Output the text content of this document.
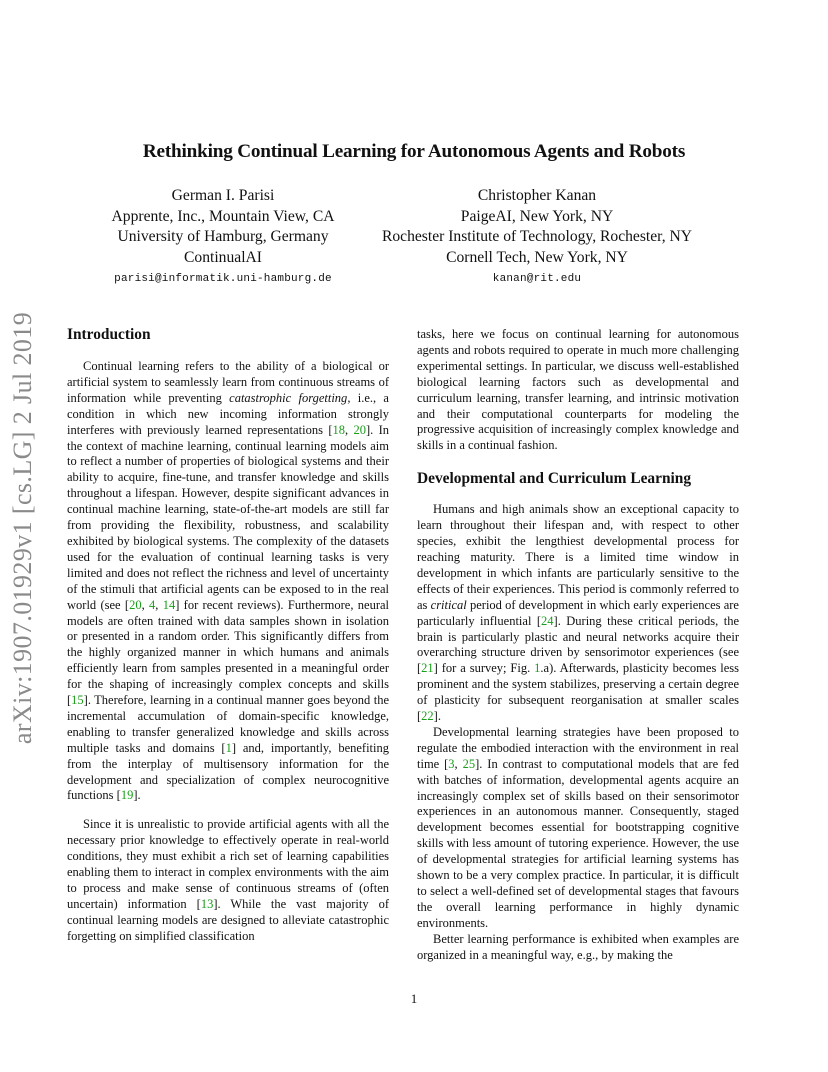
arXiv:1907.01929v1 [cs.LG] 2 Jul 2019
Rethinking Continual Learning for Autonomous Agents and Robots
German I. Parisi
Apprente, Inc., Mountain View, CA
University of Hamburg, Germany
ContinualAI
parisi@informatik.uni-hamburg.de
Christopher Kanan
PaigeAI, New York, NY
Rochester Institute of Technology, Rochester, NY
Cornell Tech, New York, NY
kanan@rit.edu
Introduction

Continual learning refers to the ability of a biological or artificial system to seamlessly learn from continuous streams of information while preventing catastrophic forgetting, i.e., a condition in which new incoming information strongly interferes with previously learned representations [18, 20]. In the context of machine learning, continual learning models aim to reflect a number of properties of biological systems and their ability to acquire, fine-tune, and transfer knowledge and skills throughout a lifespan. However, despite significant advances in continual machine learning, state-of-the-art models are still far from providing the flexibility, robustness, and scalability exhibited by biological systems. The complexity of the datasets used for the evaluation of continual learning tasks is very limited and does not reflect the richness and level of uncertainty of the stimuli that artificial agents can be exposed to in the real world (see [20, 4, 14] for recent reviews). Furthermore, neural models are often trained with data samples shown in isolation or presented in a random order. This significantly differs from the highly organized manner in which humans and animals efficiently learn from samples presented in a meaningful order for the shaping of increasingly complex concepts and skills [15]. Therefore, learning in a continual manner goes beyond the incremental accumulation of domain-specific knowledge, enabling to transfer generalized knowledge and skills across multiple tasks and domains [1] and, importantly, benefiting from the interplay of multisensory information for the development and specialization of complex neurocognitive functions [19].

Since it is unrealistic to provide artificial agents with all the necessary prior knowledge to effectively operate in real-world conditions, they must exhibit a rich set of learning capabilities enabling them to interact in complex environments with the aim to process and make sense of continuous streams of (often uncertain) information [13]. While the vast majority of continual learning models are designed to alleviate catastrophic forgetting on simplified classification

tasks, here we focus on continual learning for autonomous agents and robots required to operate in much more challenging experimental settings. In particular, we discuss well-established biological learning factors such as developmental and curriculum learning, transfer learning, and intrinsic motivation and their computational counterparts for modeling the progressive acquisition of increasingly complex knowledge and skills in a continual fashion.

Developmental and Curriculum Learning

Humans and high animals show an exceptional capacity to learn throughout their lifespan and, with respect to other species, exhibit the lengthiest developmental process for reaching maturity. There is a limited time window in development in which infants are particularly sensitive to the effects of their experiences. This period is commonly referred to as critical period of development in which early experiences are particularly influential [24]. During these critical periods, the brain is particularly plastic and neural networks acquire their overarching structure driven by sensorimotor experiences (see [21] for a survey; Fig. 1.a). Afterwards, plasticity becomes less prominent and the system stabilizes, preserving a certain degree of plasticity for subsequent reorganisation at smaller scales [22].

Developmental learning strategies have been proposed to regulate the embodied interaction with the environment in real time [3, 25]. In contrast to computational models that are fed with batches of information, developmental agents acquire an increasingly complex set of skills based on their sensorimotor experiences in an autonomous manner. Consequently, staged development becomes essential for bootstrapping cognitive skills with less amount of tutoring experience. However, the use of developmental strategies for artificial learning systems has shown to be a very complex practice. In particular, it is difficult to select a well-defined set of developmental stages that favours the overall learning performance in highly dynamic environments.

Better learning performance is exhibited when examples are organized in a meaningful way, e.g., by making the

1
